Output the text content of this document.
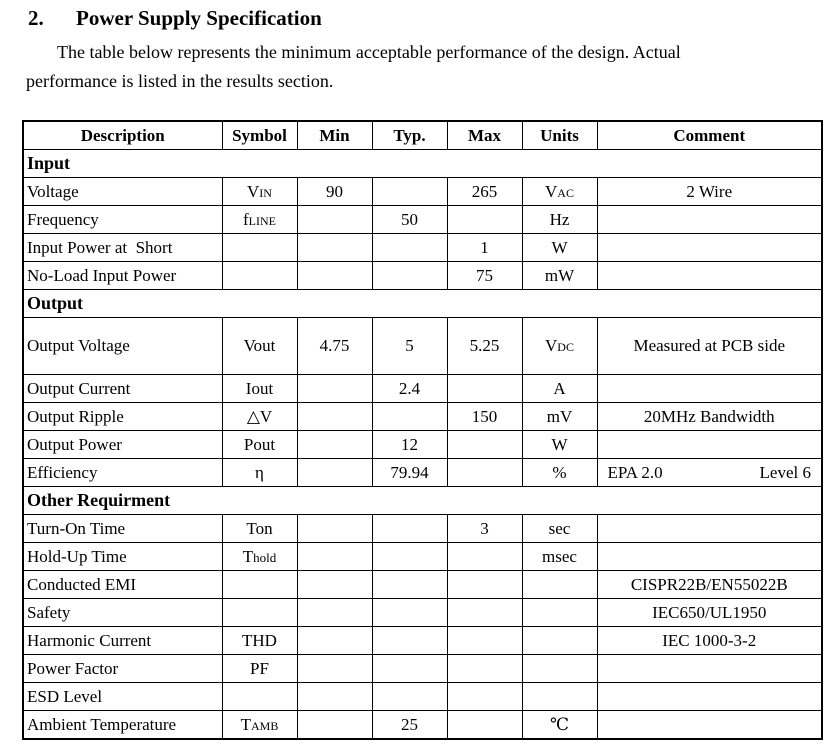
2. Power Supply Specification
The table below represents the minimum acceptable performance of the design. Actual
performance is listed in the results section.
Description	Symbol	Min	Typ.	Max	Units	Comment
Input						
Voltage	VIN	90		265	VAC	2 Wire
Frequency	fLINE		50		Hz	
Input Power at  Short				1	W	
No-Load Input Power				75	mW	
Output						
Output Voltage	Vout	4.75	5	5.25	VDC	Measured at PCB side
Output Current	Iout		2.4		A	
Output Ripple	△V			150	mV	20MHz Bandwidth
Output Power	Pout		12		W	
Efficiency	η		79.94		%	EPA 2.0 Level 6

Other Requirment						
Turn-On Time	Ton			3	sec	
Hold-Up Time	Thold				msec	
Conducted EMI						CISPR22B/EN55022B
Safety						IEC650/UL1950
Harmonic Current	THD					IEC 1000-3-2
Power Factor	PF					
ESD Level						
Ambient Temperature	TAMB		25		℃	
